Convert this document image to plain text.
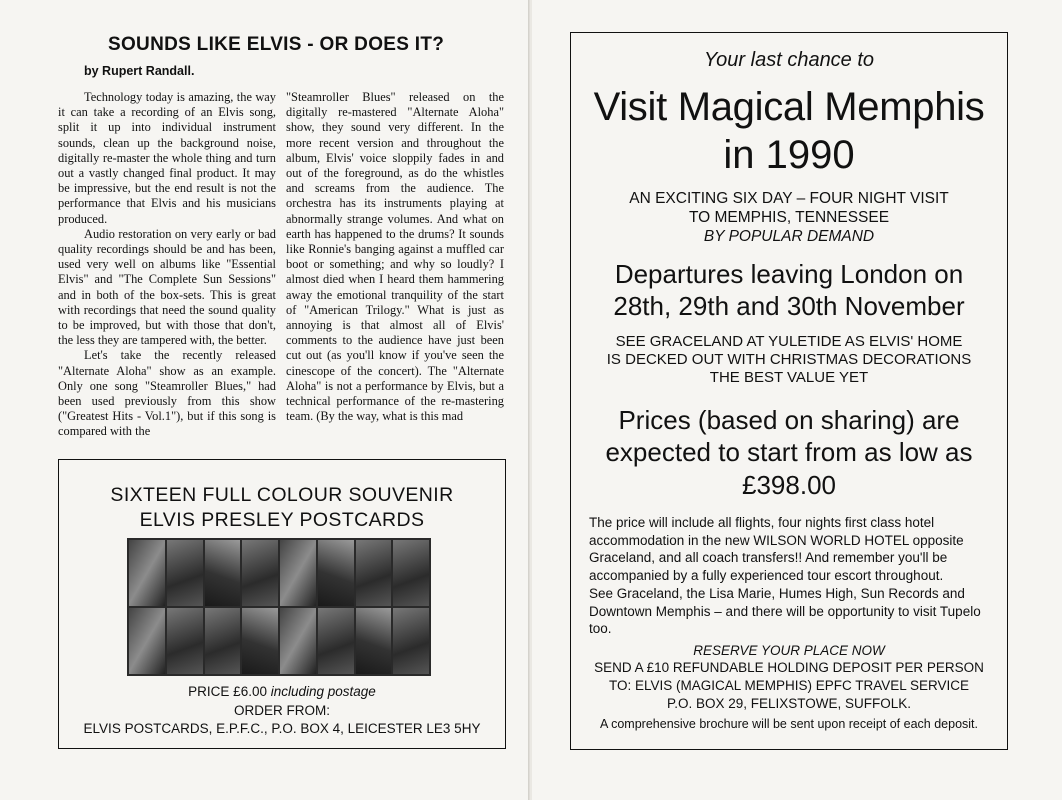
SOUNDS LIKE ELVIS - OR DOES IT?
by Rupert Randall.

Technology today is amazing, the way it can take a recording of an Elvis song, split it up into individual instrument sounds, clean up the background noise, digitally re-master the whole thing and turn out a vastly changed final product. It may be impressive, but the end result is not the performance that Elvis and his musicians produced.

Audio restoration on very early or bad quality recordings should be and has been, used very well on albums like "Essential Elvis" and "The Complete Sun Sessions" and in both of the box-sets. This is great with recordings that need the sound quality to be improved, but with those that don't, the less they are tampered with, the better.

Let's take the recently released "Alternate Aloha" show as an example. Only one song "Steamroller Blues," had been used previously from this show ("Greatest Hits - Vol.1"), but if this song is compared with the

"Steamroller Blues" released on the digitally re-mastered "Alternate Aloha" show, they sound very different. In the more recent version and throughout the album, Elvis' voice sloppily fades in and out of the foreground, as do the whistles and screams from the audience. The orchestra has its instruments playing at abnormally strange volumes. And what on earth has happened to the drums? It sounds like Ronnie's banging against a muffled car boot or something; and why so loudly? I almost died when I heard them hammering away the emotional tranquility of the start of "American Trilogy." What is just as annoying is that almost all of Elvis' comments to the audience have just been cut out (as you'll know if you've seen the cinescope of the concert). The "Alternate Aloha" is not a performance by Elvis, but a technical performance of the re-mastering team. (By the way, what is this mad

SIXTEEN FULL COLOUR SOUVENIR
ELVIS PRESLEY POSTCARDS
PRICE £6.00 including postage
ORDER FROM:
ELVIS POSTCARDS, E.P.F.C., P.O. BOX 4, LEICESTER LE3 5HY
Your last chance to
Visit Magical Memphis
in 1990
AN EXCITING SIX DAY – FOUR NIGHT VISIT
TO MEMPHIS, TENNESSEE
BY POPULAR DEMAND
Departures leaving London on
28th, 29th and 30th November
SEE GRACELAND AT YULETIDE AS ELVIS' HOME
IS DECKED OUT WITH CHRISTMAS DECORATIONS
THE BEST VALUE YET
Prices (based on sharing) are
expected to start from as low as
£398.00
The price will include all flights, four nights first class hotel accommodation in the new WILSON WORLD HOTEL opposite Graceland, and all coach transfers!! And remember you'll be accompanied by a fully experienced tour escort throughout.
See Graceland, the Lisa Marie, Humes High, Sun Records and Downtown Memphis – and there will be opportunity to visit Tupelo too.
RESERVE YOUR PLACE NOW
SEND A £10 REFUNDABLE HOLDING DEPOSIT PER PERSON
TO: ELVIS (MAGICAL MEMPHIS) EPFC TRAVEL SERVICE
P.O. BOX 29, FELIXSTOWE, SUFFOLK.
A comprehensive brochure will be sent upon receipt of each deposit.
